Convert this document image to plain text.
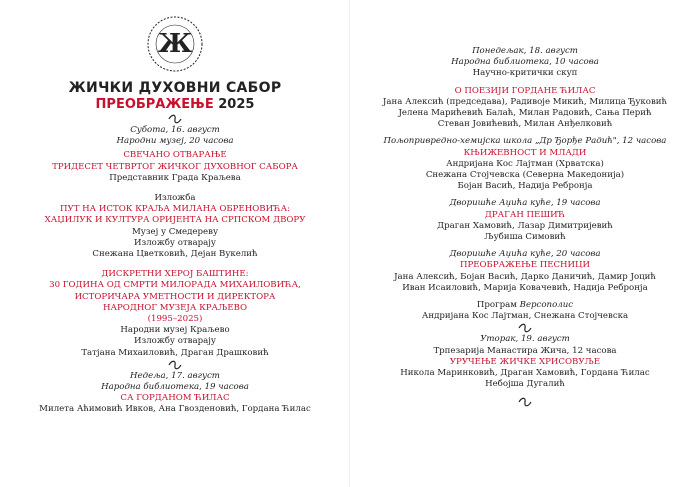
Ж
ЖИЧКИ ДУХОВНИ САБОР
ПРЕОБРАЖЕЊЕ 2025
Субота, 16. август
Народни музеј, 20 часова
СВЕЧАНО ОТВАРАЊЕ
ТРИДЕСЕТ ЧЕТВРТОГ ЖИЧКОГ ДУХОВНОГ САБОРА
Представник Града Краљева
Изложба
ПУТ НА ИСТОК КРАЉА МИЛАНА ОБРЕНОВИЋА:
ХАЏИЛУК И КУЛТУРА ОРИЈЕНТА НА СРПСКОМ ДВОРУ
Музеј у Смедереву
Изложбу отварају
Снежана Цветковић, Дејан Вукелић
ДИСКРЕТНИ ХЕРОЈ БАШТИНЕ:
30 ГОДИНА ОД СМРТИ МИЛОРАДА МИХАИЛОВИЋА,
ИСТОРИЧАРА УМЕТНОСТИ И ДИРЕКТОРА
НАРОДНОГ МУЗЕЈА КРАЉЕВО
(1995–2025)
Народни музеј Краљево
Изложбу отварају
Татјана Михаиловић, Драган Драшковић
Недеља, 17. август
Народна библиотека, 19 часова
СА ГОРДАНОМ ЋИЛАС
Милета Аћимовић Ивков, Ана Гвозденовић, Гордана Ћилас
Понедељак, 18. август
Народна библиотека, 10 часова
Научно-критички скуп
О ПОЕЗИЈИ ГОРДАНЕ ЋИЛАС
Јана Алексић (председава), Радивоје Микић, Милица Ђуковић
Јелена Марићевић Балаћ, Милан Радовић, Сања Перић
Стеван Јовићевић, Милан Анђелковић
Пољопривредно-хемијска школа „Др Ђорђе Радић", 12 часова
КЊИЖЕВНОСТ И МЛАДИ
Андријана Кос Лајтман (Хрватска)
Снежана Стојчевска (Северна Македонија)
Бојан Васић, Надија Ребронја
Дворишће Аџића куће, 19 часова
ДРАГАН ПЕШИЋ
Драган Хамовић, Лазар Димитријевић
Љубиша Симовић
Дворишће Аџића куће, 20 часова
ПРЕОБРАЖЕЊЕ ПЕСНИЦИ
Јана Алексић, Бојан Васић, Дарко Даничић, Дамир Јоцић
Иван Исаиловић, Марија Ковачевић, Надија Ребронја
Програм Версополис
Андријана Кос Лајтман, Снежана Стојчевска
Уторак, 19. август
Трпезарија Манастира Жича, 12 часова
УРУЧЕЊЕ ЖИЧКЕ ХРИСОВУЉЕ
Никола Маринковић, Драган Хамовић, Гордана Ћилас
Небојша Дугалић
